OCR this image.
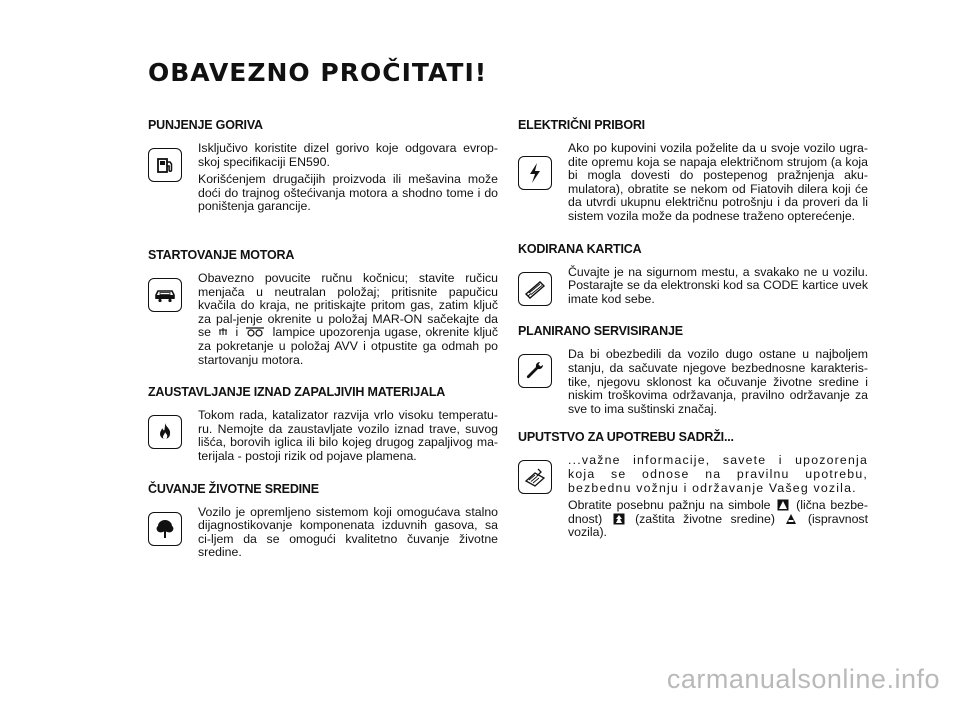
OBAVEZNO PROČITATI!
PUNJENJE GORIVA

Isključivo koristite dizel gorivo koje odgovara evrop-skoj specifikaciji EN590.

Korišćenjem drugačijih proizvoda ili mešavina može doći do trajnog oštećivanja motora a shodno tome i do poništenja garancije.

STARTOVANJE MOTORA

Obavezno povucite ručnu kočnicu; stavite ručicu menjača u neutralan položaj; pritisnite papučicu kvačila do kraja, ne pritiskajte pritom gas, zatim ključ za pal-jenje okrenite u položaj MAR-ON sačekajte da se i	lampice upozorenja ugase, okrenite ključ za pokretanje u položaj AVV i otpustite ga odmah po startovanju motora.

ZAUSTAVLJANJE IZNAD ZAPALJIVIH MATERIJALA

Tokom rada, katalizator razvija vrlo visoku temperatu-ru. Nemojte da zaustavljate vozilo iznad trave, suvog lišća, borovih iglica ili bilo kojeg drugog zapaljivog ma-terijala - postoji rizik od pojave plamena.

ČUVANJE ŽIVOTNE SREDINE

Vozilo je opremljeno sistemom koji omogućava stalno dijagnostikovanje komponenata izduvnih gasova, sa ci-ljem da se omogući kvalitetno čuvanje životne sredine.

ELEKTRIČNI PRIBORI

Ako po kupovini vozila poželite da u svoje vozilo ugra-dite opremu koja se napaja električnom strujom (a koja bi mogla dovesti do postepenog pražnjenja aku-mulatora), obratite se nekom od Fiatovih dilera koji će da utvrdi ukupnu električnu potrošnju i da proveri da li sistem vozila može da podnese traženo opterećenje.

KODIRANA KARTICA

Čuvajte je na sigurnom mestu, a svakako ne u vozilu. Postarajte se da elektronski kod sa CODE kartice uvek imate kod sebe.

PLANIRANO SERVISIRANJE

Da bi obezbedili da vozilo dugo ostane u najboljem stanju, da sačuvate njegove bezbednosne karakteris-tike, njegovu sklonost ka očuvanje životne sredine i niskim troškovima održavanja, pravilno održavanje za sve to ima suštinski značaj.

UPUTSTVO ZA UPOTREBU SADRŽI...

...važne informacije, savete i upozorenja koja se odnose na pravilnu upotrebu, bezbednu vožnju i održavanje Vašeg vozila.

Obratite posebnu pažnju na simbole (lična bezbe-dnost)	(zaštita životne sredine)	(ispravnost vozila).

carmanualsonline.info
